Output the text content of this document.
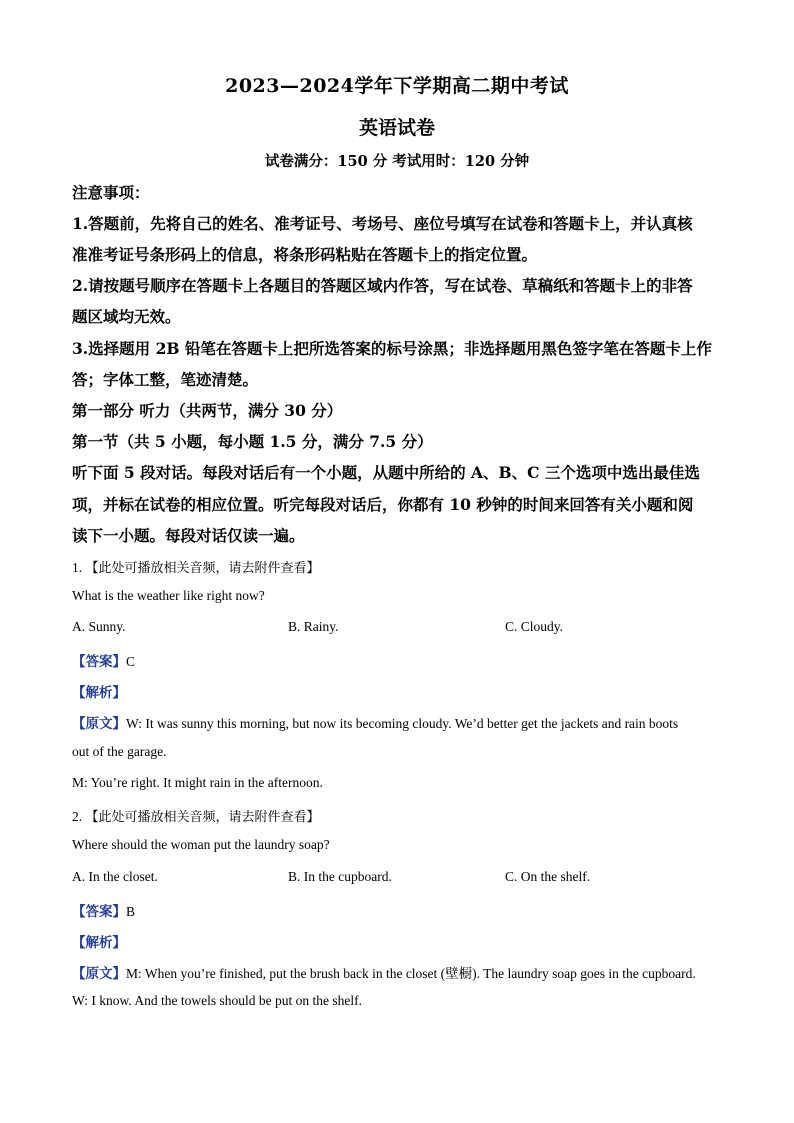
2023—2024学年下学期高二期中考试
英语试卷
试卷满分：150 分 考试用时：120 分钟
注意事项：
1.答题前，先将自己的姓名、准考证号、考场号、座位号填写在试卷和答题卡上，并认真核
准准考证号条形码上的信息，将条形码粘贴在答题卡上的指定位置。
2.请按题号顺序在答题卡上各题目的答题区域内作答，写在试卷、草稿纸和答题卡上的非答
题区域均无效。
3.选择题用 2B 铅笔在答题卡上把所选答案的标号涂黑；非选择题用黑色签字笔在答题卡上作
答；字体工整，笔迹清楚。
第一部分 听力（共两节，满分 30 分）
第一节（共 5 小题，每小题 1.5 分，满分 7.5 分）
听下面 5 段对话。每段对话后有一个小题，从题中所给的 A、B、C 三个选项中选出最佳选
项，并标在试卷的相应位置。听完每段对话后，你都有 10 秒钟的时间来回答有关小题和阅
读下一小题。每段对话仅读一遍。
1. 【此处可播放相关音频，请去附件查看】
What is the weather like right now?
A. Sunny.	B. Rainy.	C. Cloudy.
【答案】C
【解析】
【原文】W: It was sunny this morning, but now its becoming cloudy. We’d better get the jackets and rain boots
out of the garage.
M: You’re right. It might rain in the afternoon.
2. 【此处可播放相关音频，请去附件查看】
Where should the woman put the laundry soap?
A. In the closet.	B. In the cupboard.	C. On the shelf.
【答案】B
【解析】
【原文】M: When you’re finished, put the brush back in the closet (壁橱). The laundry soap goes in the cupboard.
W: I know. And the towels should be put on the shelf.
